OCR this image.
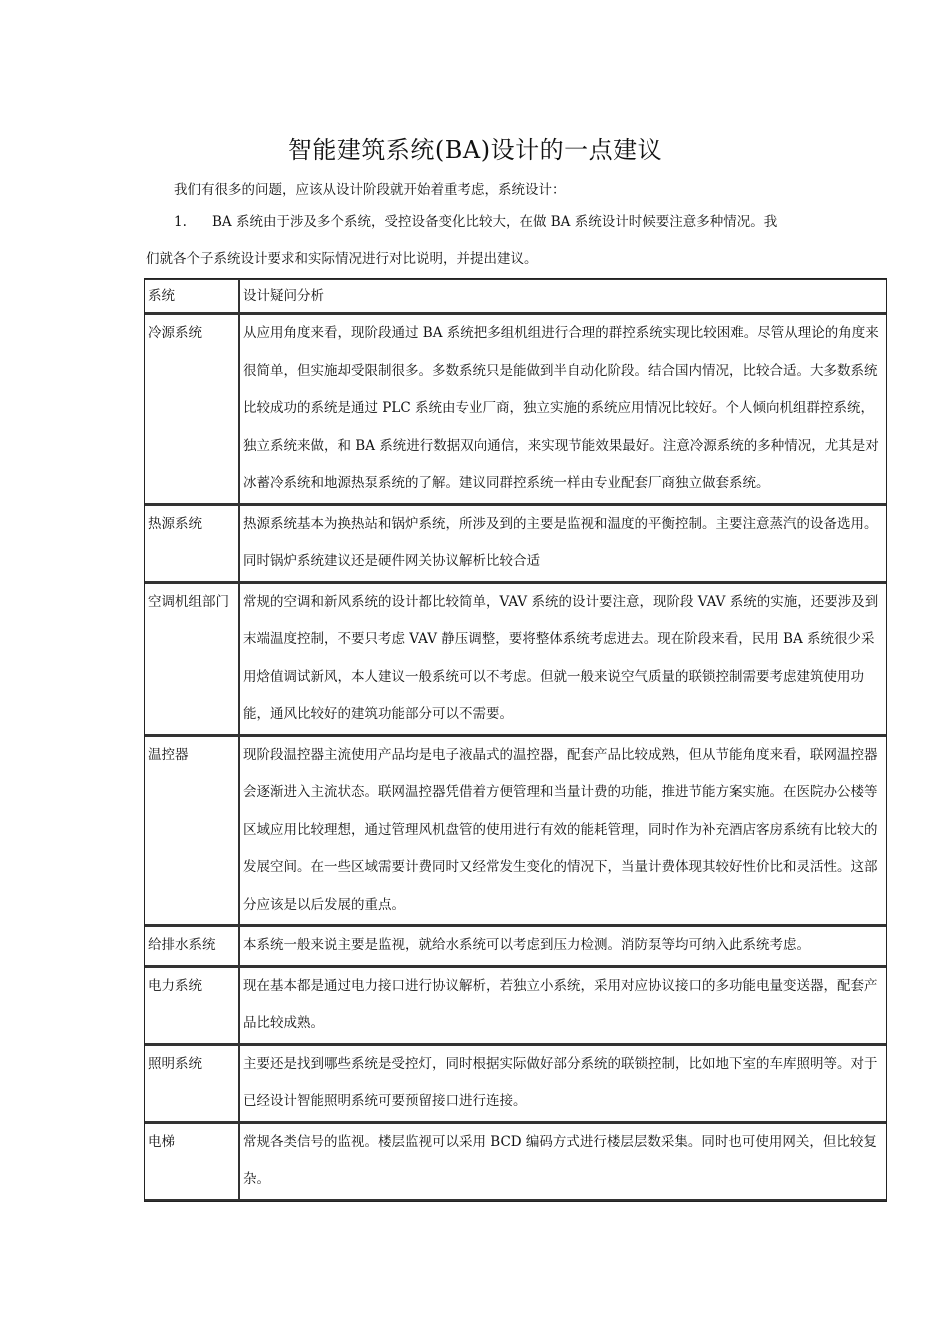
智能建筑系统(BA)设计的一点建议
我们有很多的问题，应该从设计阶段就开始着重考虑，系统设计：
1. BA 系统由于涉及多个系统，受控设备变化比较大，在做 BA 系统设计时候要注意多种情况。我
们就各个子系统设计要求和实际情况进行对比说明，并提出建议。
系统	设计疑问分析
冷源系统	从应用角度来看，现阶段通过 BA 系统把多组机组进行合理的群控系统实现比较困难。尽管从理论的角度来很简单，但实施却受限制很多。多数系统只是能做到半自动化阶段。结合国内情况，比较合适。大多数系统比较成功的系统是通过 PLC 系统由专业厂商，独立实施的系统应用情况比较好。个人倾向机组群控系统，独立系统来做，和 BA 系统进行数据双向通信，来实现节能效果最好。注意冷源系统的多种情况，尤其是对冰蓄冷系统和地源热泵系统的了解。建议同群控系统一样由专业配套厂商独立做套系统。
热源系统	热源系统基本为换热站和锅炉系统，所涉及到的主要是监视和温度的平衡控制。主要注意蒸汽的设备选用。同时锅炉系统建议还是硬件网关协议解析比较合适
空调机组部门	常规的空调和新风系统的设计都比较简单，VAV 系统的设计要注意，现阶段 VAV 系统的实施，还要涉及到末端温度控制，不要只考虑 VAV 静压调整，要将整体系统考虑进去。现在阶段来看，民用 BA 系统很少采用焓值调试新风，本人建议一般系统可以不考虑。但就一般来说空气质量的联锁控制需要考虑建筑使用功能，通风比较好的建筑功能部分可以不需要。
温控器	现阶段温控器主流使用产品均是电子液晶式的温控器，配套产品比较成熟，但从节能角度来看，联网温控器会逐渐进入主流状态。联网温控器凭借着方便管理和当量计费的功能，推进节能方案实施。在医院办公楼等区域应用比较理想，通过管理风机盘管的使用进行有效的能耗管理，同时作为补充酒店客房系统有比较大的发展空间。在一些区域需要计费同时又经常发生变化的情况下，当量计费体现其较好性价比和灵活性。这部分应该是以后发展的重点。
给排水系统	本系统一般来说主要是监视，就给水系统可以考虑到压力检测。消防泵等均可纳入此系统考虑。
电力系统	现在基本都是通过电力接口进行协议解析，若独立小系统，采用对应协议接口的多功能电量变送器，配套产品比较成熟。
照明系统	主要还是找到哪些系统是受控灯，同时根据实际做好部分系统的联锁控制，比如地下室的车库照明等。对于已经设计智能照明系统可要预留接口进行连接。
电梯	常规各类信号的监视。楼层监视可以采用 BCD 编码方式进行楼层层数采集。同时也可使用网关，但比较复杂。
